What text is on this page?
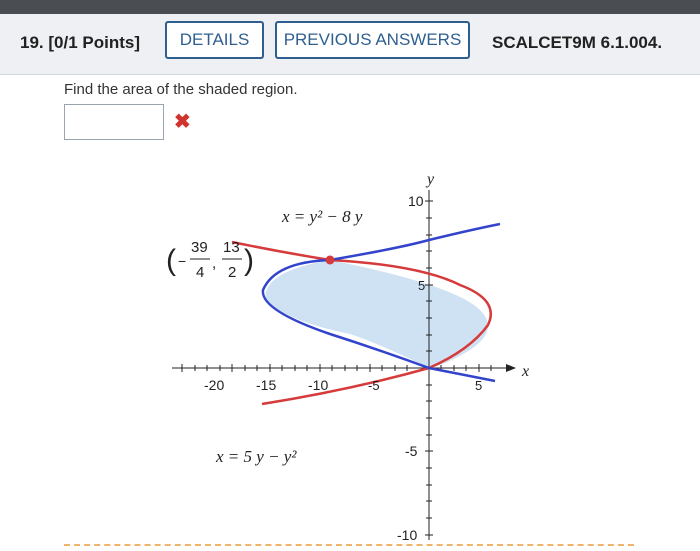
19. [0/1 Points]	DETAILS	PREVIOUS ANSWERS	SCALCET9M 6.1.004.
Find the area of the shaded region.
✖
y
x
-20 -15 -10	-5	5
10
5
-5
-10
x = y² − 8 y
x = 5 y − y²
( −
39
4
,
13
2 )
